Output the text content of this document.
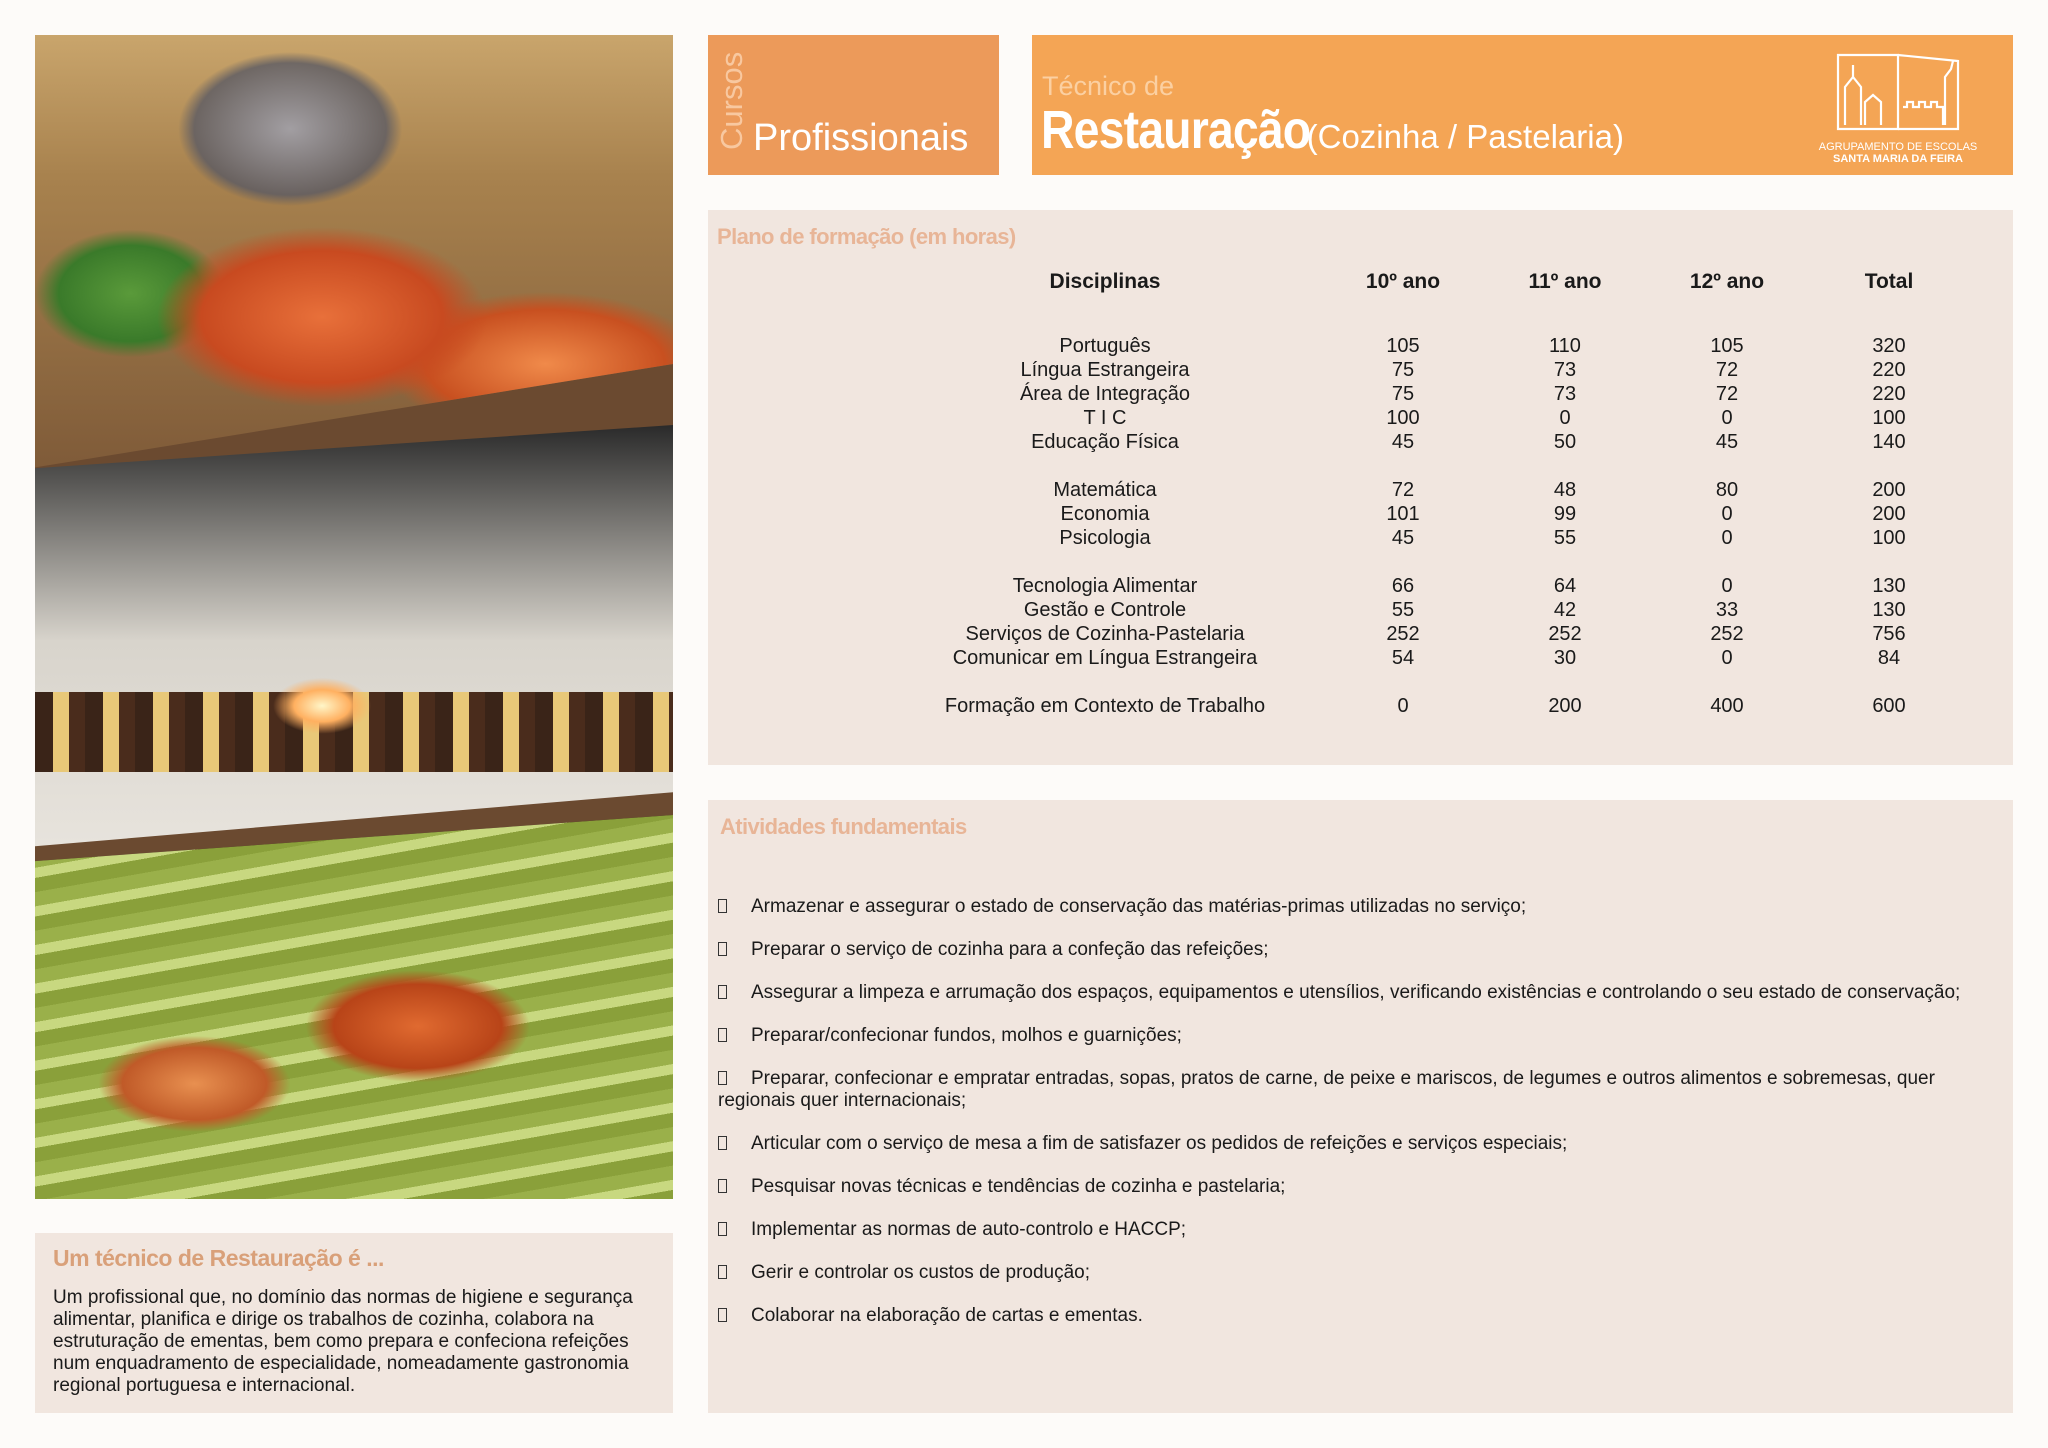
Um técnico de Restauração é ...
Um profissional que, no domínio das normas de higiene e segurança alimentar, planifica e dirige os trabalhos de cozinha, colabora na estruturação de ementas, bem como prepara e confeciona refeições num enquadramento de especialidade, nomeadamente gastronomia regional portuguesa e internacional.
Cursos Profissionais
Técnico de
Restauração (Cozinha / Pastelaria)	AGRUPAMENTO DE ESCOLAS
SANTA MARIA DA FEIRA
Plano de formação (em horas)
Disciplinas	10º ano	11º ano	12º ano	Total

Português	105	110	105	320
Língua Estrangeira	75	73	72	220
Área de Integração	75	73	72	220
T I C	100	0	0	100
Educação Física	45	50	45	140

Matemática	72	48	80	200
Economia	101	99	0	200
Psicologia	45	55	0	100

Tecnologia Alimentar	66	64	0	130
Gestão e Controle	55	42	33	130
Serviços de Cozinha-Pastelaria	252	252	252	756
Comunicar em Língua Estrangeira	54	30	0	84

Formação em Contexto de Trabalho	0	200	400	600
Atividades fundamentais
Armazenar e assegurar o estado de conservação das matérias-primas utilizadas no serviço;
Preparar o serviço de cozinha para a confeção das refeições;
Assegurar a limpeza e arrumação dos espaços, equipamentos e utensílios, verificando existências e controlando o seu estado de conservação;
Preparar/confecionar fundos, molhos e guarnições;
Preparar, confecionar e empratar entradas, sopas, pratos de carne, de peixe e mariscos, de legumes e outros alimentos e sobremesas, quer regionais quer internacionais;
Articular com o serviço de mesa a fim de satisfazer os pedidos de refeições e serviços especiais;
Pesquisar novas técnicas e tendências de cozinha e pastelaria;
Implementar as normas de auto-controlo e HACCP;
Gerir e controlar os custos de produção;
Colaborar na elaboração de cartas e ementas.
